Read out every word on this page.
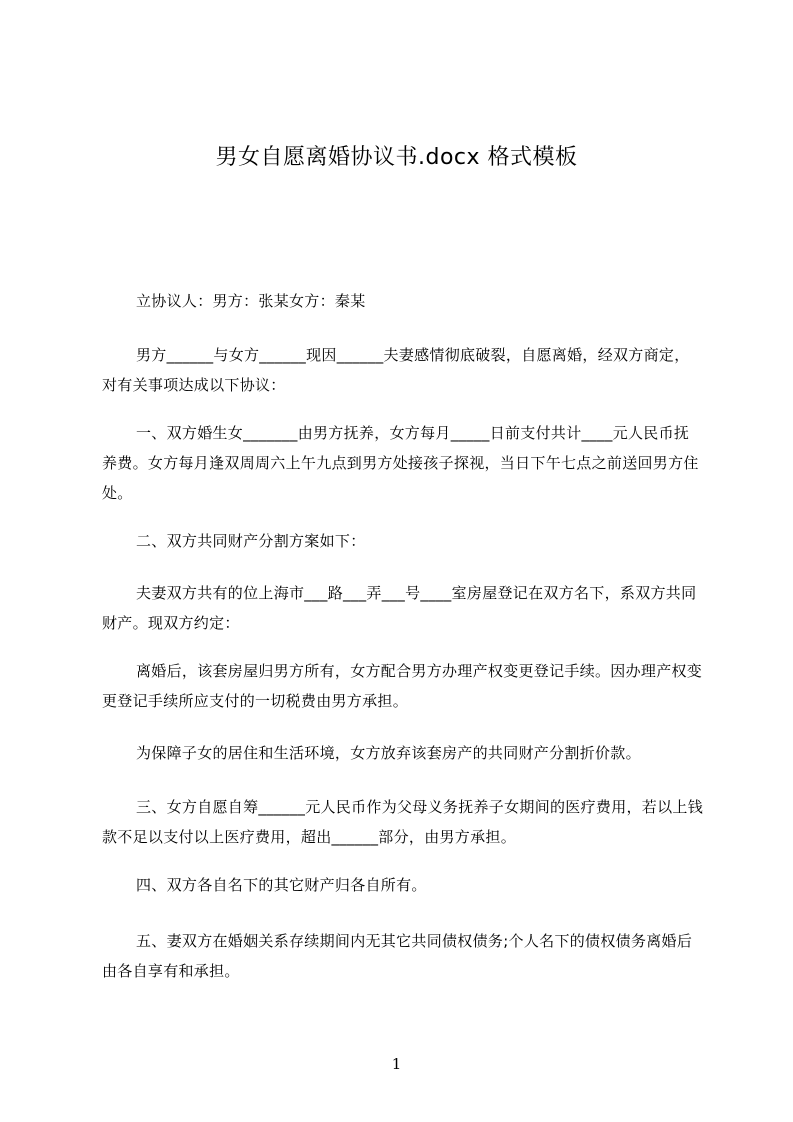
男女自愿离婚协议书.docx 格式模板
立协议人：男方：张某女方：秦某
男方______与女方______现因______夫妻感情彻底破裂，自愿离婚，经双方商定，对有关事项达成以下协议：
一、双方婚生女_______由男方抚养，女方每月_____日前支付共计____元人民币抚养费。女方每月逢双周周六上午九点到男方处接孩子探视，当日下午七点之前送回男方住处。
二、双方共同财产分割方案如下：
夫妻双方共有的位上海市___路___弄___号____室房屋登记在双方名下，系双方共同财产。现双方约定：
离婚后，该套房屋归男方所有，女方配合男方办理产权变更登记手续。因办理产权变更登记手续所应支付的一切税费由男方承担。
为保障子女的居住和生活环境，女方放弃该套房产的共同财产分割折价款。
三、女方自愿自筹______元人民币作为父母义务抚养子女期间的医疗费用，若以上钱款不足以支付以上医疗费用，超出______部分，由男方承担。
四、双方各自名下的其它财产归各自所有。
五、妻双方在婚姻关系存续期间内无其它共同债权债务;个人名下的债权债务离婚后由各自享有和承担。
1
